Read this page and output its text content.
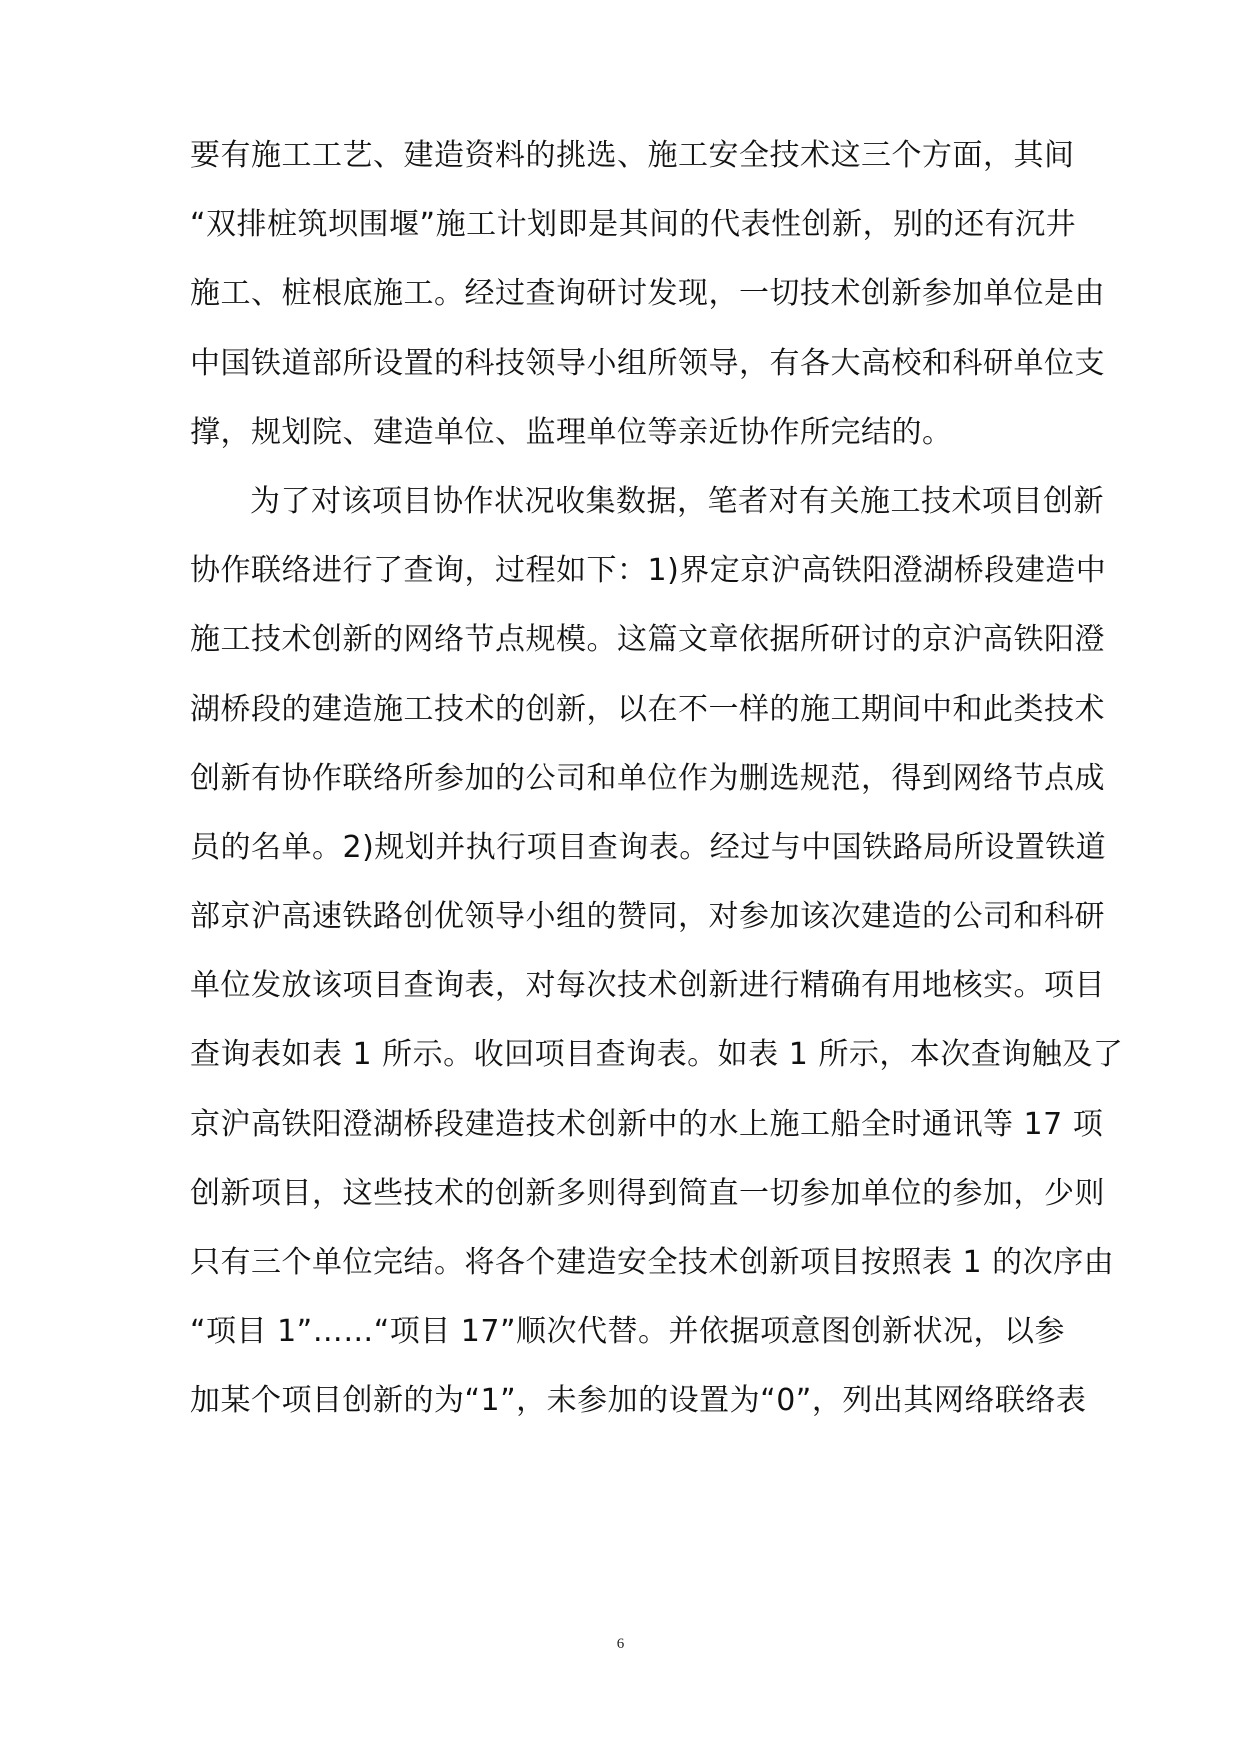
要有施工工艺、建造资料的挑选、施工安全技术这三个方面，其间
“双排桩筑坝围堰”施工计划即是其间的代表性创新，别的还有沉井
施工、桩根底施工。经过查询研讨发现，一切技术创新参加单位是由
中国铁道部所设置的科技领导小组所领导，有各大高校和科研单位支
撑，规划院、建造单位、监理单位等亲近协作所完结的。
为了对该项目协作状况收集数据，笔者对有关施工技术项目创新
协作联络进行了查询，过程如下：1)界定京沪高铁阳澄湖桥段建造中
施工技术创新的网络节点规模。这篇文章依据所研讨的京沪高铁阳澄
湖桥段的建造施工技术的创新，以在不一样的施工期间中和此类技术
创新有协作联络所参加的公司和单位作为删选规范，得到网络节点成
员的名单。2)规划并执行项目查询表。经过与中国铁路局所设置铁道
部京沪高速铁路创优领导小组的赞同，对参加该次建造的公司和科研
单位发放该项目查询表，对每次技术创新进行精确有用地核实。项目
查询表如表 1 所示。收回项目查询表。如表 1 所示，本次查询触及了
京沪高铁阳澄湖桥段建造技术创新中的水上施工船全时通讯等 17 项
创新项目，这些技术的创新多则得到简直一切参加单位的参加，少则
只有三个单位完结。将各个建造安全技术创新项目按照表 1 的次序由
“项目 1”……“项目 17”顺次代替。并依据项意图创新状况，以参
加某个项目创新的为“1”，未参加的设置为“0”，列出其网络联络表
6
